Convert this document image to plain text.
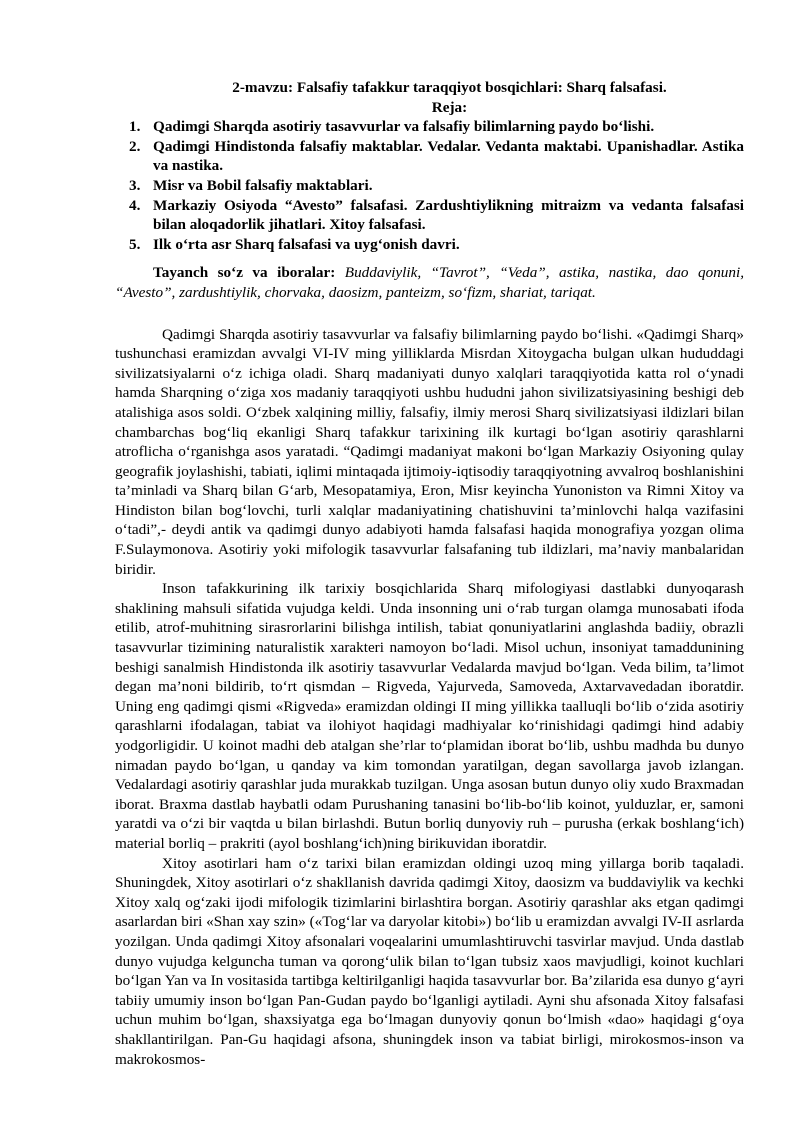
2-mavzu: Falsafiy tafakkur taraqqiyot bosqichlari: Sharq falsafasi.

Reja:

1. Qadimgi Sharqda asotiriy tasavvurlar va falsafiy bilimlarning paydo bo‘lishi.
2. Qadimgi Hindistonda falsafiy maktablar. Vedalar. Vedanta maktabi. Upanishadlar. Astika va nastika.
3. Misr va Bobil falsafiy maktablari.
4. Markaziy Osiyoda “Avesto” falsafasi. Zardushtiylikning mitraizm va vedanta falsafasi bilan aloqadorlik jihatlari. Xitoy falsafasi.
5. Ilk o‘rta asr Sharq falsafasi va uyg‘onish davri.

Tayanch so‘z va iboralar: Buddaviylik, “Tavrot”, “Veda”, astika, nastika, dao qonuni, “Avesto”, zardushtiylik, chorvaka, daosizm, panteizm, so‘fizm, shariat, tariqat.

Qadimgi Sharqda asotiriy tasavvurlar va falsafiy bilimlarning paydo bo‘lishi. «Qadimgi Sharq» tushunchasi eramizdan avvalgi VI-IV ming yilliklarda Misrdan Xitoygacha bulgan ulkan hududdagi sivilizatsiyalarni o‘z ichiga oladi. Sharq madaniyati dunyo xalqlari taraqqiyotida katta rol o‘ynadi hamda Sharqning o‘ziga xos madaniy taraqqiyoti ushbu hududni jahon sivilizatsiyasining beshigi deb atalishiga asos soldi. O‘zbek xalqining milliy, falsafiy, ilmiy merosi Sharq sivilizatsiyasi ildizlari bilan chambarchas bog‘liq ekanligi Sharq tafakkur tarixining ilk kurtagi bo‘lgan asotiriy qarashlarni atroflicha o‘rganishga asos yaratadi. “Qadimgi madaniyat makoni bo‘lgan Markaziy Osiyoning qulay geografik joylashishi, tabiati, iqlimi mintaqada ijtimoiy-iqtisodiy taraqqiyotning avvalroq boshlanishini ta’minladi va Sharq bilan G‘arb, Mesopatamiya, Eron, Misr keyincha Yunoniston va Rimni Xitoy va Hindiston bilan bog‘lovchi, turli xalqlar madaniyatining chatishuvini ta’minlovchi halqa vazifasini o‘tadi”,- deydi antik va qadimgi dunyo adabiyoti hamda falsafasi haqida monografiya yozgan olima F.Sulaymonova. Asotiriy yoki mifologik tasavvurlar falsafaning tub ildizlari, ma’naviy manbalaridan biridir.

Inson tafakkurining ilk tarixiy bosqichlarida Sharq mifologiyasi dastlabki dunyoqarash shaklining mahsuli sifatida vujudga keldi. Unda insonning uni o‘rab turgan olamga munosabati ifoda etilib, atrof-muhitning sirasrorlarini bilishga intilish, tabiat qonuniyatlarini anglashda badiiy, obrazli tasavvurlar tizimining naturalistik xarakteri namoyon bo‘ladi. Misol uchun, insoniyat tamaddunining beshigi sanalmish Hindistonda ilk asotiriy tasavvurlar Vedalarda mavjud bo‘lgan. Veda bilim, ta’limot degan ma’noni bildirib, to‘rt qismdan – Rigveda, Yajurveda, Samoveda, Axtarvavedadan iboratdir. Uning eng qadimgi qismi «Rigveda» eramizdan oldingi II ming yillikka taalluqli bo‘lib o‘zida asotiriy qarashlarni ifodalagan, tabiat va ilohiyot haqidagi madhiyalar ko‘rinishidagi qadimgi hind adabiy yodgorligidir. U koinot madhi deb atalgan she’rlar to‘plamidan iborat bo‘lib, ushbu madhda bu dunyo nimadan paydo bo‘lgan, u qanday va kim tomondan yaratilgan, degan savollarga javob izlangan. Vedalardagi asotiriy qarashlar juda murakkab tuzilgan. Unga asosan butun dunyo oliy xudo Braxmadan iborat. Braxma dastlab haybatli odam Purushaning tanasini bo‘lib-bo‘lib koinot, yulduzlar, er, samoni yaratdi va o‘zi bir vaqtda u bilan birlashdi. Butun borliq dunyoviy ruh – purusha (erkak boshlang‘ich) material borliq – prakriti (ayol boshlang‘ich)ning birikuvidan iboratdir.

Xitoy asotirlari ham o‘z tarixi bilan eramizdan oldingi uzoq ming yillarga borib taqaladi. Shuningdek, Xitoy asotirlari o‘z shakllanish davrida qadimgi Xitoy, daosizm va buddaviylik va kechki Xitoy xalq og‘zaki ijodi mifologik tizimlarini birlashtira borgan. Asotiriy qarashlar aks etgan qadimgi asarlardan biri «Shan xay szin» («Tog‘lar va daryolar kitobi») bo‘lib u eramizdan avvalgi IV-II asrlarda yozilgan. Unda qadimgi Xitoy afsonalari voqealarini umumlashtiruvchi tasvirlar mavjud. Unda dastlab dunyo vujudga kelguncha tuman va qorong‘ulik bilan to‘lgan tubsiz xaos mavjudligi, koinot kuchlari bo‘lgan Yan va In vositasida tartibga keltirilganligi haqida tasavvurlar bor. Ba’zilarida esa dunyo g‘ayri tabiiy umumiy inson bo‘lgan Pan-Gudan paydo bo‘lganligi aytiladi. Ayni shu afsonada Xitoy falsafasi uchun muhim bo‘lgan, shaxsiyatga ega bo‘lmagan dunyoviy qonun bo‘lmish «dao» haqidagi g‘oya shakllantirilgan. Pan-Gu haqidagi afsona, shuningdek inson va tabiat birligi, mirokosmos-inson va makrokosmos-
